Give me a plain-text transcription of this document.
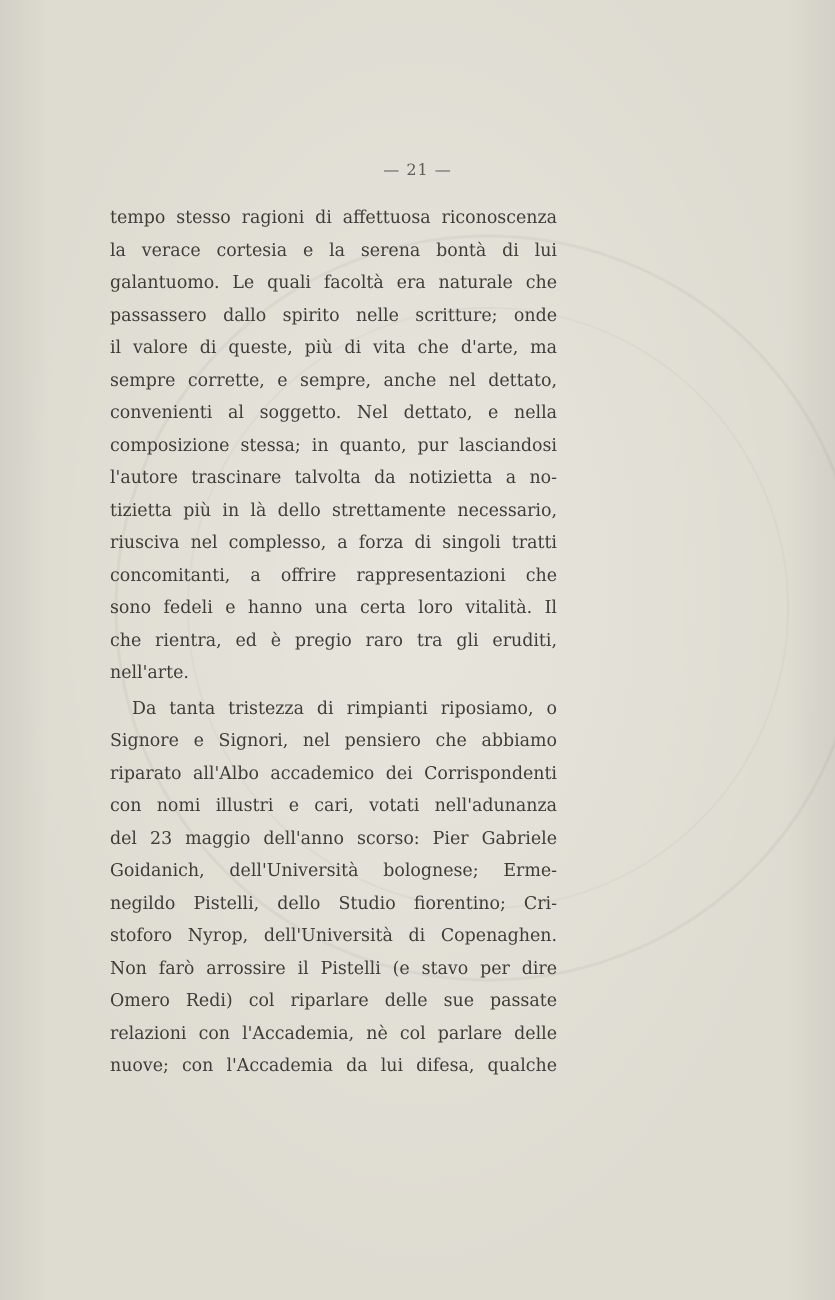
— 21 —
tempo stesso ragioni di affettuosa riconoscenza
la verace cortesia e la serena bontà di lui
galantuomo. Le quali facoltà era naturale che
passassero dallo spirito nelle scritture; onde
il valore di queste, più di vita che d'arte, ma
sempre corrette, e sempre, anche nel dettato,
convenienti al soggetto. Nel dettato, e nella
composizione stessa; in quanto, pur lasciandosi
l'autore trascinare talvolta da notizietta a no-
tizietta più in là dello strettamente necessario,
riusciva nel complesso, a forza di singoli tratti
concomitanti, a offrire rappresentazioni che
sono fedeli e hanno una certa loro vitalità. Il
che rientra, ed è pregio raro tra gli eruditi,
nell'arte.
Da tanta tristezza di rimpianti riposiamo, o
Signore e Signori, nel pensiero che abbiamo
riparato all'Albo accademico dei Corrispondenti
con nomi illustri e cari, votati nell'adunanza
del 23 maggio dell'anno scorso: Pier Gabriele
Goidanich, dell'Università bolognese; Erme-
negildo Pistelli, dello Studio fiorentino; Cri-
stoforo Nyrop, dell'Università di Copenaghen.
Non farò arrossire il Pistelli (e stavo per dire
Omero Redi) col riparlare delle sue passate
relazioni con l'Accademia, nè col parlare delle
nuove; con l'Accademia da lui difesa, qualche
